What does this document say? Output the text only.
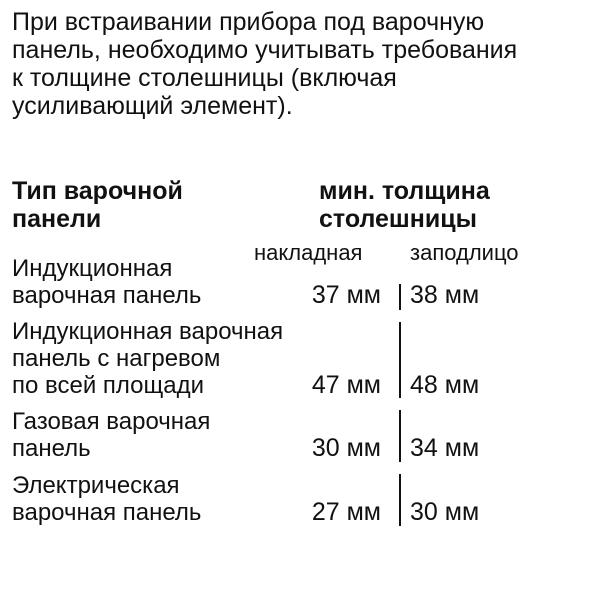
При встраивании прибора под варочную
панель, необходимо учитывать требования
к толщине столешницы (включая
усиливающий элемент).

Тип варочной
панели

мин. толщина
столешницы

накладная заподлицо
Индукционная
варочная панель	37 мм 38 мм
Индукционная варочная
панель с нагревом
по всей площади	47 мм 48 мм
Газовая варочная
панель	30 мм 34 мм
Электрическая
варочная панель	27 мм 30 мм
